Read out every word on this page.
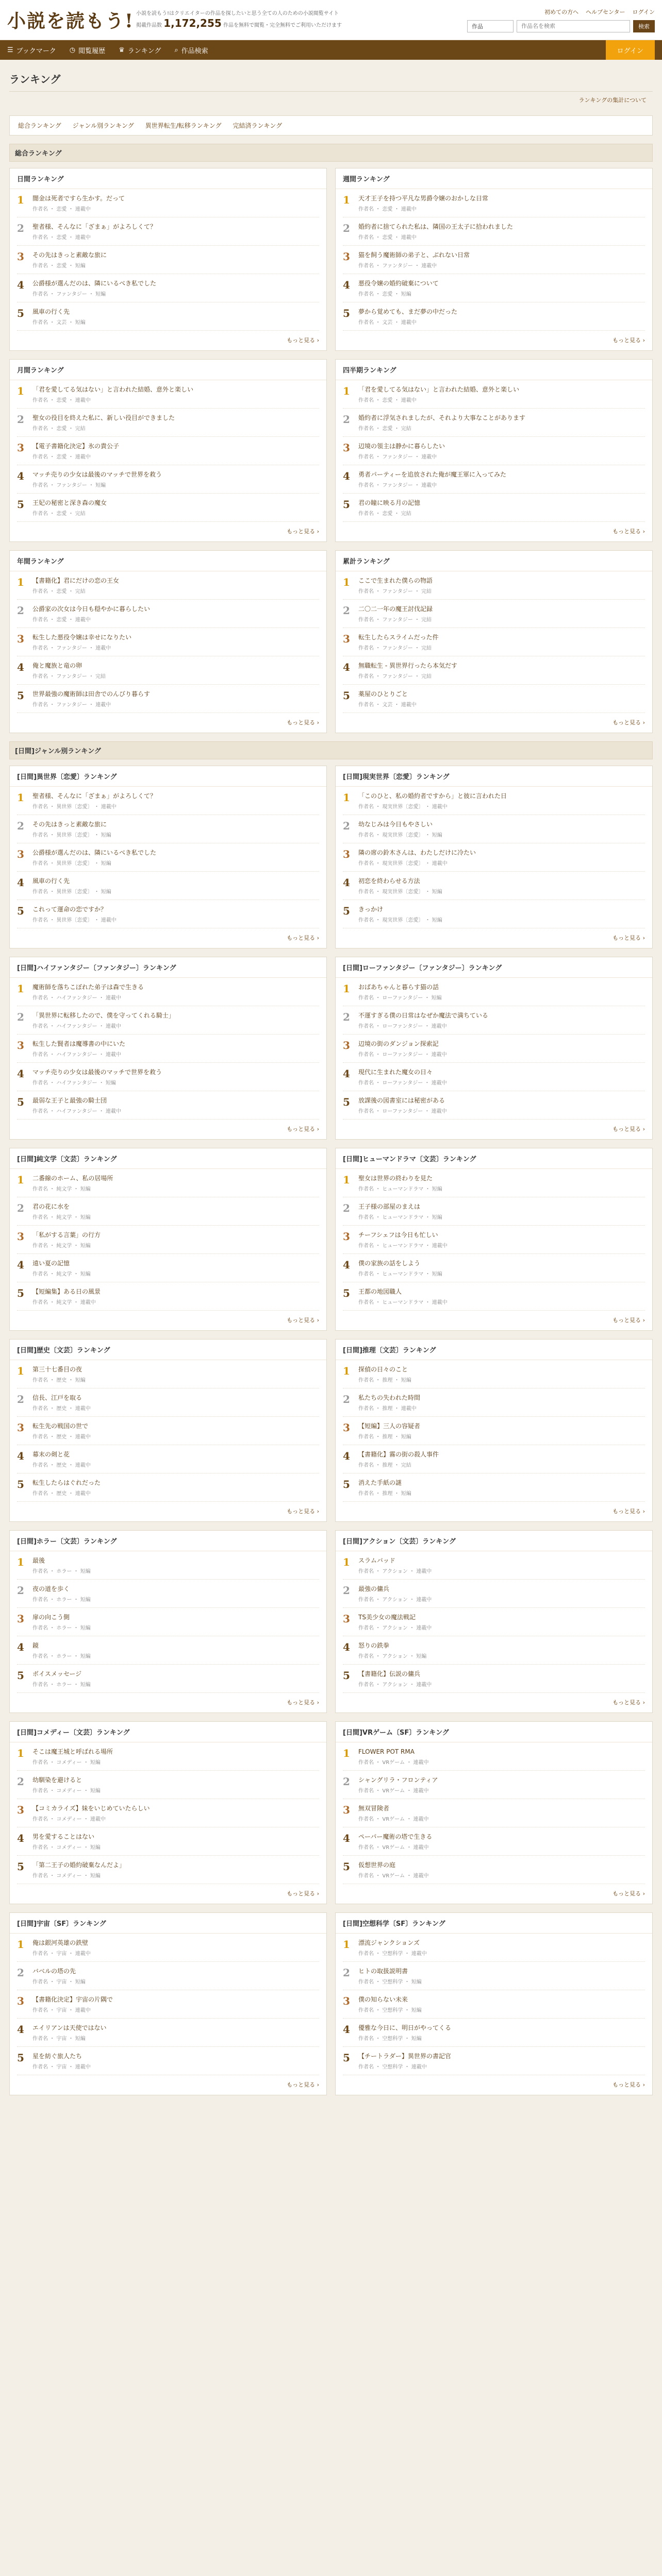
小説を読もう! 小説を読もう!はクリエイターの作品を探したいと思う全ての人のための小説閲覧サイト
掲載作品数 1,172,255 作品を無料で閲覧・完全無料でご利用いただけます
初めての方へ ヘルプセンター ログイン
作品
作品名を検索	検索
☰ ブックマーク ◷ 閲覧履歴 ♛ ランキング ⌕ 作品検索	ログイン
ランキング
ランキングの集計について
総合ランキング	ジャンル別ランキング	異世界転生/転移ランキング	完結済ランキング
総合ランキング
日間ランキング
1	闇金は死者ですら生かす。だって
作者名 ・ 恋愛 ・ 連載中
2	聖者様、そんなに「ざまぁ」がよろしくて？
作者名 ・ 恋愛 ・ 連載中
3	その先はきっと素敵な旅に
作者名 ・ 恋愛 ・ 短編
4	公爵様が選んだのは、隣にいるべき私でした
作者名 ・ ファンタジー ・ 短編
5	風車の行く先
作者名 ・ 文芸 ・ 短編
もっと見る ›
週間ランキング
1	天才王子を持つ平凡な男爵令嬢のおかしな日常
作者名 ・ 恋愛 ・ 連載中
2	婚約者に捨てられた私は、隣国の王太子に拾われました
作者名 ・ 恋愛 ・ 連載中
3	猫を飼う魔術師の弟子と、ぶれない日常
作者名 ・ ファンタジー ・ 連載中
4	悪役令嬢の婚約破棄について
作者名 ・ 恋愛 ・ 短編
5	夢から覚めても、まだ夢の中だった
作者名 ・ 文芸 ・ 連載中
もっと見る ›
月間ランキング
1	「君を愛してる気はない」と言われた結婚、意外と楽しい
作者名 ・ 恋愛 ・ 連載中
2	聖女の役目を終えた私に、新しい役目ができました
作者名 ・ 恋愛 ・ 完結
3	【電子書籍化決定】氷の貴公子
作者名 ・ 恋愛 ・ 連載中
4	マッチ売りの少女は最後のマッチで世界を救う
作者名 ・ ファンタジー ・ 短編
5	王妃の秘密と深き森の魔女
作者名 ・ 恋愛 ・ 完結
もっと見る ›
四半期ランキング
1	「君を愛してる気はない」と言われた結婚、意外と楽しい
作者名 ・ 恋愛 ・ 連載中
2	婚約者に浮気されましたが、それより大事なことがあります
作者名 ・ 恋愛 ・ 完結
3	辺境の領主は静かに暮らしたい
作者名 ・ ファンタジー ・ 連載中
4	勇者パーティーを追放された俺が魔王軍に入ってみた
作者名 ・ ファンタジー ・ 連載中
5	君の瞳に映る月の記憶
作者名 ・ 恋愛 ・ 完結
もっと見る ›
年間ランキング
1	【書籍化】君にだけの恋の王女
作者名 ・ 恋愛 ・ 完結
2	公爵家の次女は今日も穏やかに暮らしたい
作者名 ・ 恋愛 ・ 連載中
3	転生した悪役令嬢は幸せになりたい
作者名 ・ ファンタジー ・ 連載中
4	俺と魔族と竜の卵
作者名 ・ ファンタジー ・ 完結
5	世界最強の魔術師は田舎でのんびり暮らす
作者名 ・ ファンタジー ・ 連載中
もっと見る ›
累計ランキング
1	ここで生まれた僕らの物語
作者名 ・ ファンタジー ・ 完結
2	二〇二一年の魔王討伐記録
作者名 ・ ファンタジー ・ 完結
3	転生したらスライムだった件
作者名 ・ ファンタジー ・ 完結
4	無職転生 - 異世界行ったら本気だす
作者名 ・ ファンタジー ・ 完結
5	薬屋のひとりごと
作者名 ・ 文芸 ・ 連載中
もっと見る ›
[日間]ジャンル別ランキング
[日間]異世界〔恋愛〕ランキング
1	聖者様、そんなに「ざまぁ」がよろしくて？
作者名 ・ 異世界〔恋愛〕 ・ 連載中
2	その先はきっと素敵な旅に
作者名 ・ 異世界〔恋愛〕 ・ 短編
3	公爵様が選んだのは、隣にいるべき私でした
作者名 ・ 異世界〔恋愛〕 ・ 短編
4	風車の行く先
作者名 ・ 異世界〔恋愛〕 ・ 短編
5	これって運命の恋ですか？
作者名 ・ 異世界〔恋愛〕 ・ 連載中
もっと見る ›
[日間]現実世界〔恋愛〕ランキング
1	「このひと、私の婚約者ですから」と彼に言われた日
作者名 ・ 現実世界〔恋愛〕 ・ 連載中
2	幼なじみは今日もやさしい
作者名 ・ 現実世界〔恋愛〕 ・ 短編
3	隣の席の鈴木さんは、わたしだけに冷たい
作者名 ・ 現実世界〔恋愛〕 ・ 連載中
4	初恋を終わらせる方法
作者名 ・ 現実世界〔恋愛〕 ・ 短編
5	きっかけ
作者名 ・ 現実世界〔恋愛〕 ・ 短編
もっと見る ›
[日間]ハイファンタジー〔ファンタジー〕ランキング
1	魔術師を落ちこぼれた弟子は森で生きる
作者名 ・ ハイファンタジー ・ 連載中
2	「異世界に転移したので、僕を守ってくれる騎士」
作者名 ・ ハイファンタジー ・ 連載中
3	転生した賢者は魔導書の中にいた
作者名 ・ ハイファンタジー ・ 連載中
4	マッチ売りの少女は最後のマッチで世界を救う
作者名 ・ ハイファンタジー ・ 短編
5	最弱な王子と最強の騎士団
作者名 ・ ハイファンタジー ・ 連載中
もっと見る ›
[日間]ローファンタジー〔ファンタジー〕ランキング
1	おばあちゃんと暮らす猫の話
作者名 ・ ローファンタジー ・ 短編
2	不運すぎる僕の日常はなぜか魔法で満ちている
作者名 ・ ローファンタジー ・ 連載中
3	辺境の街のダンジョン探索記
作者名 ・ ローファンタジー ・ 連載中
4	現代に生まれた魔女の日々
作者名 ・ ローファンタジー ・ 連載中
5	放課後の図書室には秘密がある
作者名 ・ ローファンタジー ・ 連載中
もっと見る ›
[日間]純文学〔文芸〕ランキング
1	二番線のホーム、私の居場所
作者名 ・ 純文学 ・ 短編
2	君の花に水を
作者名 ・ 純文学 ・ 短編
3	「私がする言葉」の行方
作者名 ・ 純文学 ・ 短編
4	遠い夏の記憶
作者名 ・ 純文学 ・ 短編
5	【短編集】ある日の風景
作者名 ・ 純文学 ・ 連載中
もっと見る ›
[日間]ヒューマンドラマ〔文芸〕ランキング
1	聖女は世界の終わりを見た
作者名 ・ ヒューマンドラマ ・ 短編
2	王子様の部屋のまえは
作者名 ・ ヒューマンドラマ ・ 短編
3	チーフシェフは今日も忙しい
作者名 ・ ヒューマンドラマ ・ 連載中
4	僕の家族の話をしよう
作者名 ・ ヒューマンドラマ ・ 短編
5	王都の地図職人
作者名 ・ ヒューマンドラマ ・ 連載中
もっと見る ›
[日間]歴史〔文芸〕ランキング
1	第三十七番目の夜
作者名 ・ 歴史 ・ 短編
2	信長、江戸を取る
作者名 ・ 歴史 ・ 連載中
3	転生先の戦国の世で
作者名 ・ 歴史 ・ 連載中
4	幕末の剣と花
作者名 ・ 歴史 ・ 連載中
5	転生したらはぐれだった
作者名 ・ 歴史 ・ 連載中
もっと見る ›
[日間]推理〔文芸〕ランキング
1	探偵の日々のこと
作者名 ・ 推理 ・ 短編
2	私たちの失われた時間
作者名 ・ 推理 ・ 連載中
3	【短編】三人の容疑者
作者名 ・ 推理 ・ 短編
4	【書籍化】霧の街の殺人事件
作者名 ・ 推理 ・ 完結
5	消えた手紙の謎
作者名 ・ 推理 ・ 短編
もっと見る ›
[日間]ホラー〔文芸〕ランキング
1	最後
作者名 ・ ホラー ・ 短編
2	夜の道を歩く
作者名 ・ ホラー ・ 短編
3	扉の向こう側
作者名 ・ ホラー ・ 短編
4	鏡
作者名 ・ ホラー ・ 短編
5	ボイスメッセージ
作者名 ・ ホラー ・ 短編
もっと見る ›
[日間]アクション〔文芸〕ランキング
1	スラムバッド
作者名 ・ アクション ・ 連載中
2	最強の傭兵
作者名 ・ アクション ・ 連載中
3	TS美少女の魔法戦記
作者名 ・ アクション ・ 連載中
4	怒りの鉄拳
作者名 ・ アクション ・ 短編
5	【書籍化】伝説の傭兵
作者名 ・ アクション ・ 連載中
もっと見る ›
[日間]コメディー〔文芸〕ランキング
1	そこは魔王城と呼ばれる場所
作者名 ・ コメディー ・ 短編
2	幼馴染を避けると
作者名 ・ コメディー ・ 短編
3	【コミカライズ】妹をいじめていたらしい
作者名 ・ コメディー ・ 連載中
4	男を愛することはない
作者名 ・ コメディー ・ 短編
5	「第二王子の婚約破棄なんだよ」
作者名 ・ コメディー ・ 短編
もっと見る ›
[日間]VRゲーム〔SF〕ランキング
1	FLOWER POT RMA
作者名 ・ VRゲーム ・ 連載中
2	シャングリラ・フロンティア
作者名 ・ VRゲーム ・ 連載中
3	無双冒険者
作者名 ・ VRゲーム ・ 連載中
4	ペーパー魔術の塔で生きる
作者名 ・ VRゲーム ・ 連載中
5	仮想世界の庭
作者名 ・ VRゲーム ・ 連載中
もっと見る ›
[日間]宇宙〔SF〕ランキング
1	俺は銀河英雄の鉄壁
作者名 ・ 宇宙 ・ 連載中
2	バベルの塔の先
作者名 ・ 宇宙 ・ 短編
3	【書籍化決定】宇宙の片隅で
作者名 ・ 宇宙 ・ 連載中
4	エイリアンは天使ではない
作者名 ・ 宇宙 ・ 短編
5	星を紡ぐ旅人たち
作者名 ・ 宇宙 ・ 連載中
もっと見る ›
[日間]空想科学〔SF〕ランキング
1	漂流ジャンクションズ
作者名 ・ 空想科学 ・ 連載中
2	ヒトの取扱説明書
作者名 ・ 空想科学 ・ 短編
3	僕の知らない未来
作者名 ・ 空想科学 ・ 短編
4	優雅な今日に、明日がやってくる
作者名 ・ 空想科学 ・ 短編
5	【チートラダー】異世界の書記官
作者名 ・ 空想科学 ・ 連載中
もっと見る ›
